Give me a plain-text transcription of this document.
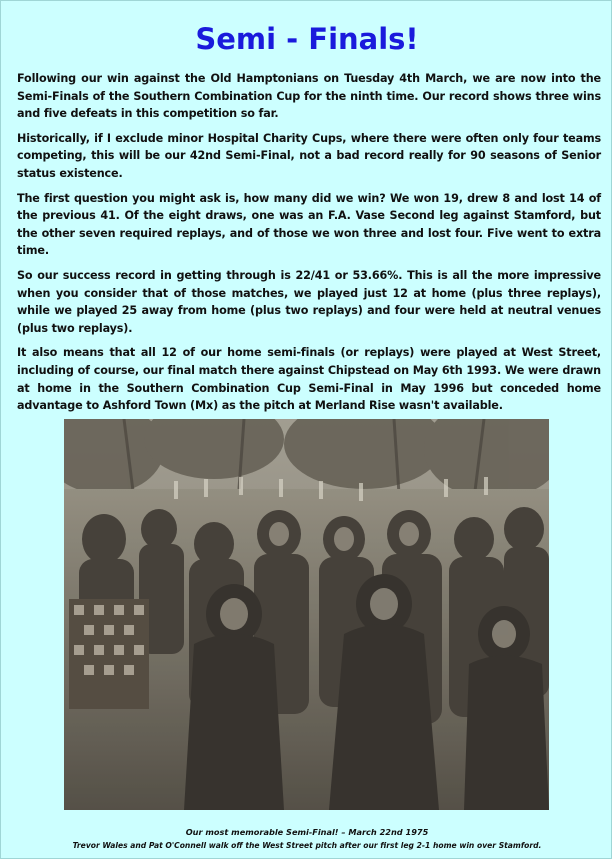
Semi - Finals!

Following our win against the Old Hamptonians on Tuesday 4th March, we are now into the Semi-Finals of the Southern Combination Cup for the ninth time. Our record shows three wins and five defeats in this competition so far.

Historically, if I exclude minor Hospital Charity Cups, where there were often only four teams competing, this will be our 42nd Semi-Final, not a bad record really for 90 seasons of Senior status existence.

The first question you might ask is, how many did we win? We won 19, drew 8 and lost 14 of the previous 41. Of the eight draws, one was an F.A. Vase Second leg against Stamford, but the other seven required replays, and of those we won three and lost four. Five went to extra time.

So our success record in getting through is 22/41 or 53.66%. This is all the more impressive when you consider that of those matches, we played just 12 at home (plus three replays), while we played 25 away from home (plus two replays) and four were held at neutral venues (plus two replays).

It also means that all 12 of our home semi-finals (or replays) were played at West Street, including of course, our final match there against Chipstead on May 6th 1993. We were drawn at home in the Southern Combination Cup Semi-Final in May 1996 but conceded home advantage to Ashford Town (Mx) as the pitch at Merland Rise wasn't available.

Our most memorable Semi-Final! – March 22nd 1975
Trevor Wales and Pat O'Connell walk off the West Street pitch after our first leg 2-1 home win over Stamford.
